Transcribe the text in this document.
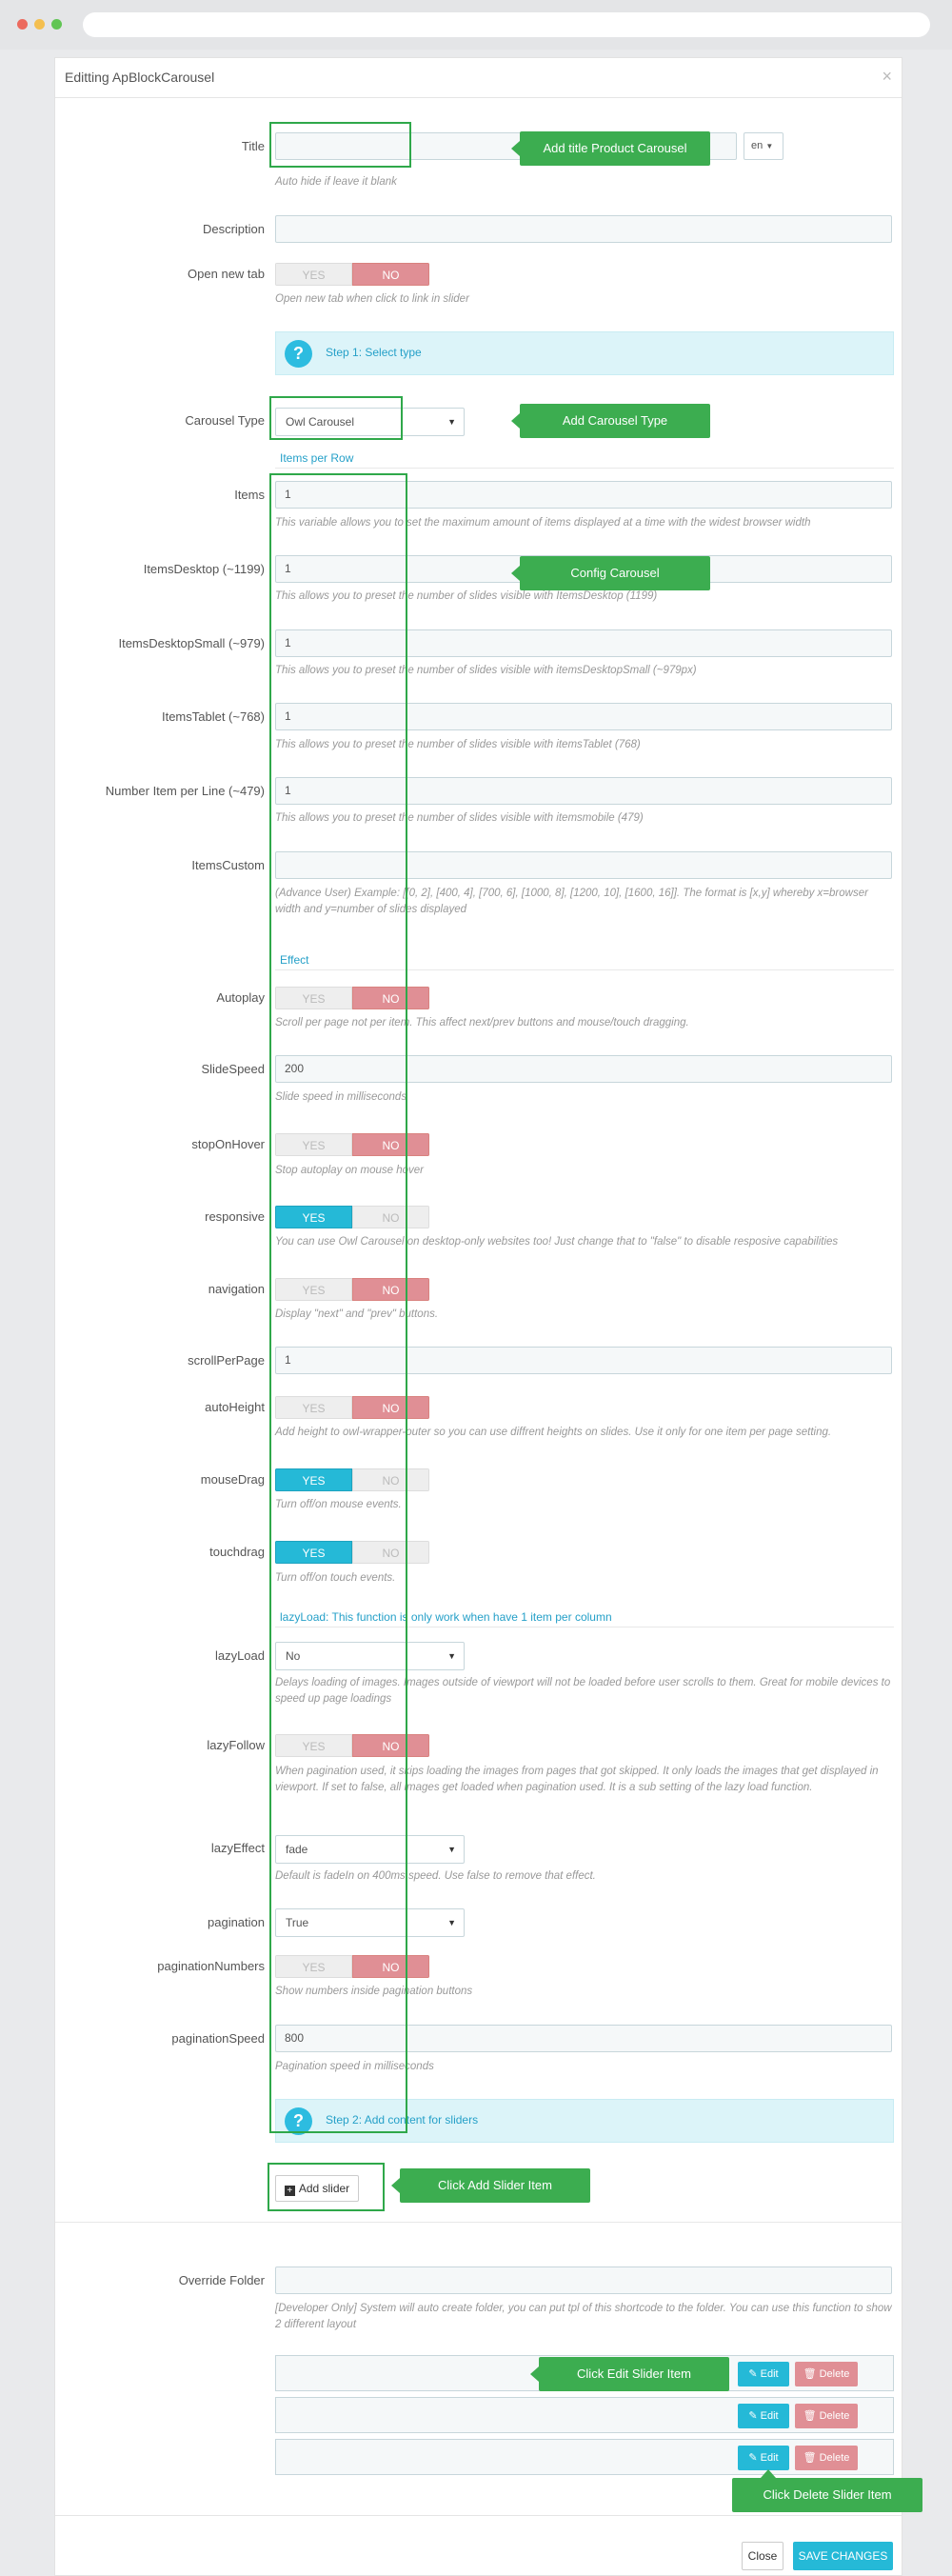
Editting ApBlockCarousel	×
Title	en ▼
Auto hide if leave it blank
Description
Open new tab	YES	NO
Open new tab when click to link in slider
?	Step 1: Select type
Carousel Type	Owl Carousel	▼
Items per Row
Items	1
This variable allows you to set the maximum amount of items displayed at a time with the widest browser width
ItemsDesktop (~1199)	1
This allows you to preset the number of slides visible with ItemsDesktop (1199)
ItemsDesktopSmall (~979)	1
This allows you to preset the number of slides visible with itemsDesktopSmall (~979px)
ItemsTablet (~768)	1
This allows you to preset the number of slides visible with itemsTablet (768)
Number Item per Line (~479)	1
This allows you to preset the number of slides visible with itemsmobile (479)
ItemsCustom
(Advance User) Example: [[0, 2], [400, 4], [700, 6], [1000, 8], [1200, 10], [1600, 16]]. The format is [x,y] whereby x=browser width and y=number of slides displayed
Effect
Autoplay	YES	NO
Scroll per page not per item. This affect next/prev buttons and mouse/touch dragging.
SlideSpeed	200
Slide speed in milliseconds
stopOnHover	YES	NO
Stop autoplay on mouse hover
responsive	YES	NO
You can use Owl Carousel on desktop-only websites too! Just change that to "false" to disable resposive capabilities
navigation	YES	NO
Display "next" and "prev" buttons.
scrollPerPage	1
autoHeight	YES	NO
Add height to owl-wrapper-outer so you can use diffrent heights on slides. Use it only for one item per page setting.
mouseDrag	YES	NO
Turn off/on mouse events.
touchdrag	YES	NO
Turn off/on touch events.
lazyLoad: This function is only work when have 1 item per column
lazyLoad	No	▼
Delays loading of images. Images outside of viewport will not be loaded before user scrolls to them. Great for mobile devices to speed up page loadings
lazyFollow	YES	NO
When pagination used, it skips loading the images from pages that got skipped. It only loads the images that get displayed in viewport. If set to false, all images get loaded when pagination used. It is a sub setting of the lazy load function.
lazyEffect	fade	▼
Default is fadeIn on 400ms speed. Use false to remove that effect.
pagination	True	▼
paginationNumbers	YES	NO
Show numbers inside pagination buttons
paginationSpeed	800
Pagination speed in milliseconds
?	Step 2: Add content for sliders
+ Add slider
Override Folder
[Developer Only] System will auto create folder, you can put tpl of this shortcode to the folder. You can use this function to show 2 different layout
✎ Edit	🗑 Delete
✎ Edit	🗑 Delete
✎ Edit	🗑 Delete
Close	SAVE CHANGES
Add title Product Carousel
Add Carousel Type
Config Carousel
Click Add Slider Item
Click Edit Slider Item
Click Delete Slider Item
